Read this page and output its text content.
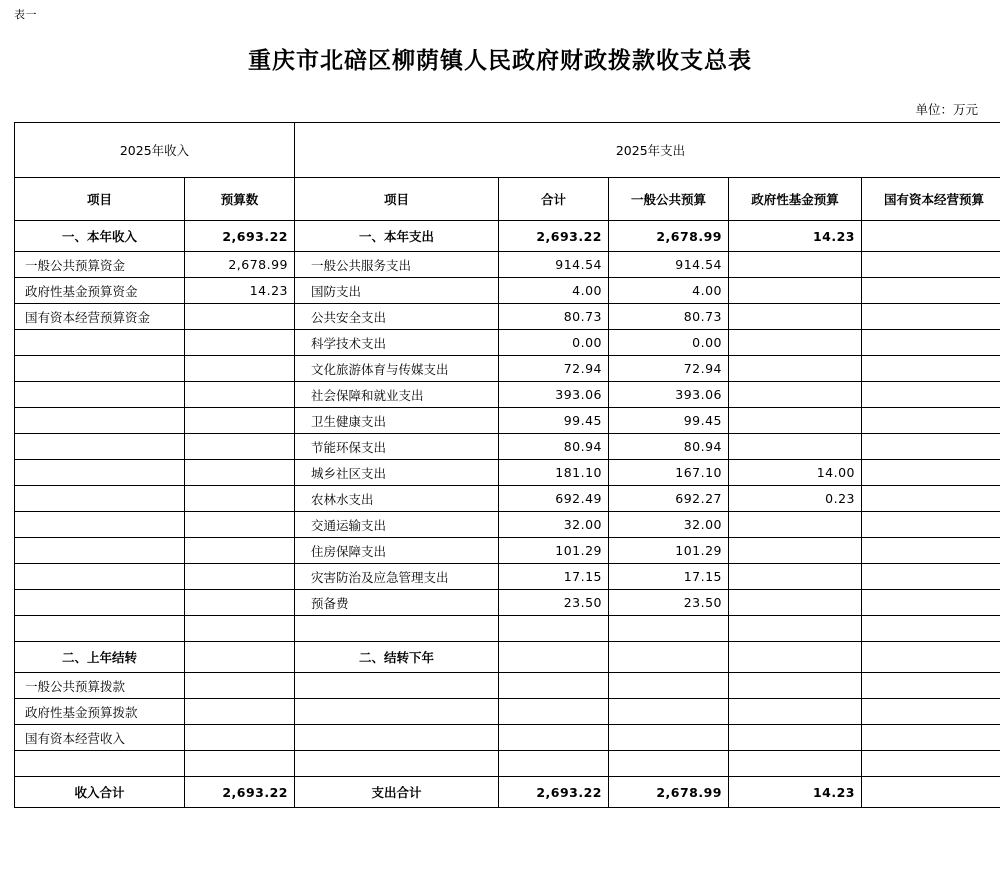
表一
重庆市北碚区柳荫镇人民政府财政拨款收支总表
单位：万元
2025年收入		2025年支出				
项目	预算数	项目	合计	一般公共预算	政府性基金预算	国有资本经营预算
一、本年收入	2,693.22	一、本年支出	2,693.22	2,678.99	14.23	
一般公共预算资金	2,678.99	一般公共服务支出	914.54	914.54		
政府性基金预算资金	14.23	国防支出	4.00	4.00		
国有资本经营预算资金		公共安全支出	80.73	80.73		
		科学技术支出	0.00	0.00		
		文化旅游体育与传媒支出	72.94	72.94		
		社会保障和就业支出	393.06	393.06		
		卫生健康支出	99.45	99.45		
		节能环保支出	80.94	80.94		
		城乡社区支出	181.10	167.10	14.00	
		农林水支出	692.49	692.27	0.23	
		交通运输支出	32.00	32.00		
		住房保障支出	101.29	101.29		
		灾害防治及应急管理支出	17.15	17.15		
		预备费	23.50	23.50		

二、上年结转		二、结转下年				
一般公共预算拨款						
政府性基金预算拨款						
国有资本经营收入						

收入合计	2,693.22	支出合计	2,693.22	2,678.99	14.23	
